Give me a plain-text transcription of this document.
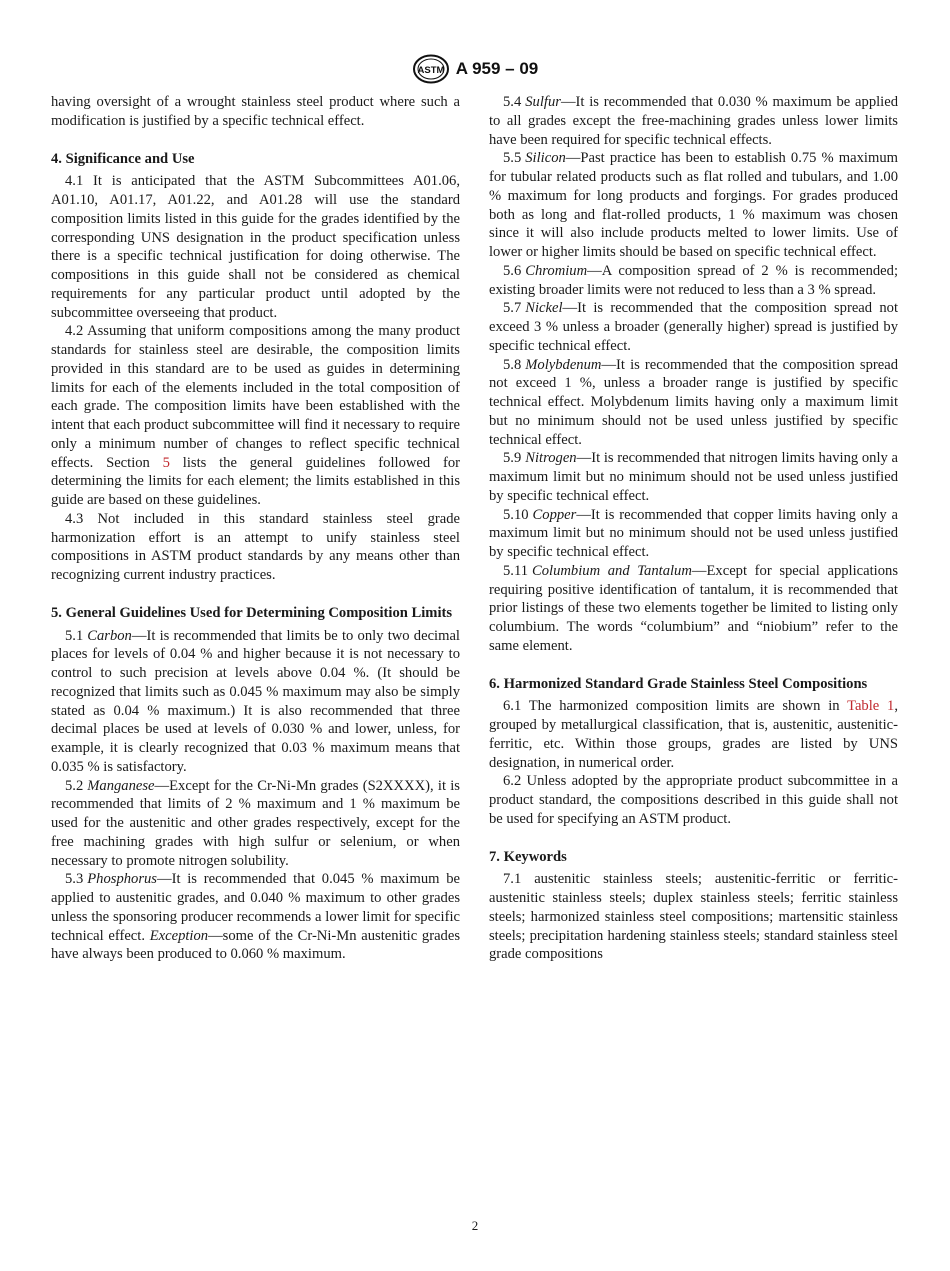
ASTM A 959 – 09

having oversight of a wrought stainless steel product where such a modification is justified by a specific technical effect.

4. Significance and Use

4.1 It is anticipated that the ASTM Subcommittees A01.06, A01.10, A01.17, A01.22, and A01.28 will use the standard composition limits listed in this guide for the grades identified by the corresponding UNS designation in the product specification unless there is a specific technical justification for doing otherwise. The compositions in this guide shall not be considered as chemical requirements for any particular product until adopted by the subcommittee overseeing that product.

4.2 Assuming that uniform compositions among the many product standards for stainless steel are desirable, the composition limits provided in this standard are to be used as guides in determining limits for each of the elements included in the total composition of each grade. The composition limits have been established with the intent that each product subcommittee will find it necessary to require only a minimum number of changes to reflect specific technical effects. Section 5 lists the general guidelines followed for determining the limits for each element; the limits established in this guide are based on these guidelines.

4.3 Not included in this standard stainless steel grade harmonization effort is an attempt to unify stainless steel compositions in ASTM product standards by any means other than recognizing current industry practices.

5. General Guidelines Used for Determining Composition Limits

5.1 Carbon—It is recommended that limits be to only two decimal places for levels of 0.04 % and higher because it is not necessary to control to such precision at levels above 0.04 %. (It should be recognized that limits such as 0.045 % maximum may also be simply stated as 0.04 % maximum.) It is also recommended that three decimal places be used at levels of 0.030 % and lower, unless, for example, it is clearly recognized that 0.03 % maximum means that 0.035 % is satisfactory.

5.2 Manganese—Except for the Cr-Ni-Mn grades (S2XXXX), it is recommended that limits of 2 % maximum and 1 % maximum be used for the austenitic and other grades respectively, except for the free machining grades with high sulfur or selenium, or when necessary to promote nitrogen solubility.

5.3 Phosphorus—It is recommended that 0.045 % maximum be applied to austenitic grades, and 0.040 % maximum to other grades unless the sponsoring producer recommends a lower limit for specific technical effect. Exception—some of the Cr-Ni-Mn austenitic grades have always been produced to 0.060 % maximum.

5.4 Sulfur—It is recommended that 0.030 % maximum be applied to all grades except the free-machining grades unless lower limits have been required for specific technical effects.

5.5 Silicon—Past practice has been to establish 0.75 % maximum for tubular related products such as flat rolled and tubulars, and 1.00 % maximum for long products and forgings. For grades produced both as long and flat-rolled products, 1 % maximum was chosen since it will also include products melted to lower limits. Use of lower or higher limits should be based on specific technical effect.

5.6 Chromium—A composition spread of 2 % is recommended; existing broader limits were not reduced to less than a 3 % spread.

5.7 Nickel—It is recommended that the composition spread not exceed 3 % unless a broader (generally higher) spread is justified by specific technical effect.

5.8 Molybdenum—It is recommended that the composition spread not exceed 1 %, unless a broader range is justified by specific technical effect. Molybdenum limits having only a maximum limit but no minimum should not be used unless justified by specific technical effect.

5.9 Nitrogen—It is recommended that nitrogen limits having only a maximum limit but no minimum should not be used unless justified by specific technical effect.

5.10 Copper—It is recommended that copper limits having only a maximum limit but no minimum should not be used unless justified by specific technical effect.

5.11 Columbium and Tantalum—Except for special applications requiring positive identification of tantalum, it is recommended that prior listings of these two elements together be limited to listing only columbium. The words “columbium” and “niobium” refer to the same element.

6. Harmonized Standard Grade Stainless Steel Compositions

6.1 The harmonized composition limits are shown in Table 1, grouped by metallurgical classification, that is, austenitic, austenitic-ferritic, etc. Within those groups, grades are listed by UNS designation, in numerical order.

6.2 Unless adopted by the appropriate product subcommittee in a product standard, the compositions described in this guide shall not be used for specifying an ASTM product.

7. Keywords

7.1 austenitic stainless steels; austenitic-ferritic or ferritic-austenitic stainless steels; duplex stainless steels; ferritic stainless steels; harmonized stainless steel compositions; martensitic stainless steels; precipitation hardening stainless steels; standard stainless steel grade compositions

2
